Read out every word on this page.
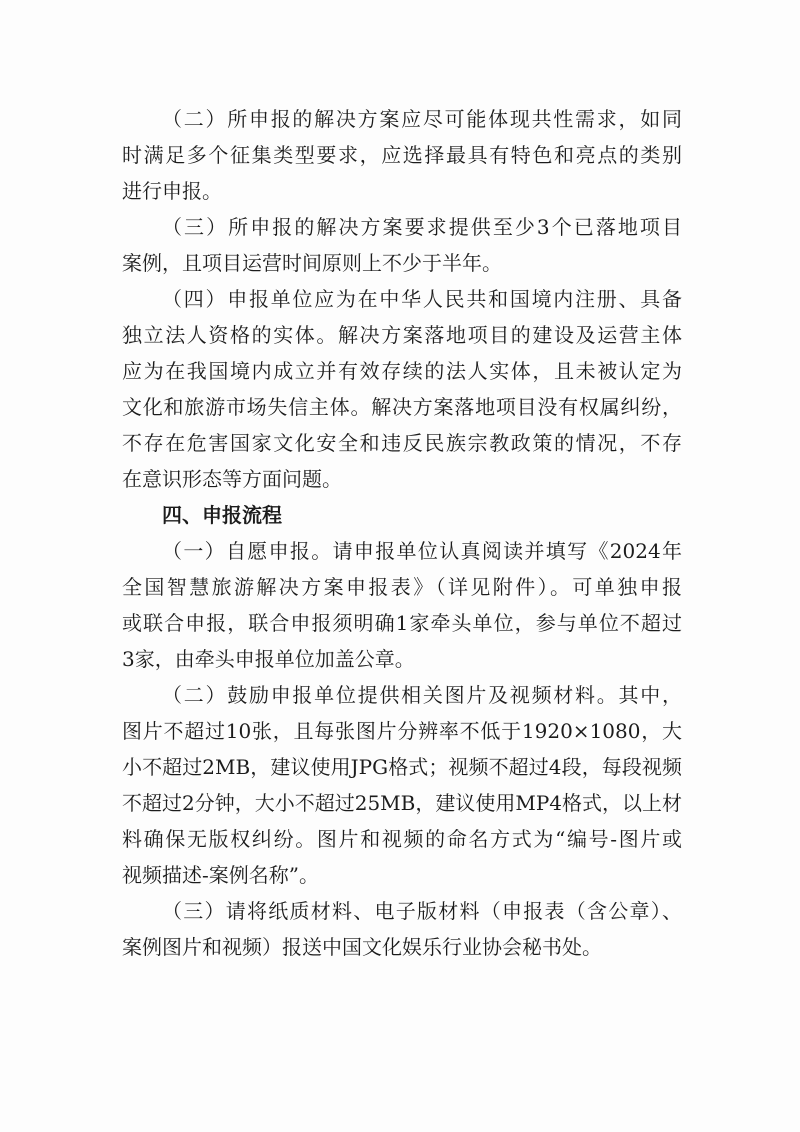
（二）所申报的解决方案应尽可能体现共性需求，如同
时满足多个征集类型要求，应选择最具有特色和亮点的类别
进行申报。
（三）所申报的解决方案要求提供至少3个已落地项目
案例，且项目运营时间原则上不少于半年。
（四）申报单位应为在中华人民共和国境内注册、具备
独立法人资格的实体。解决方案落地项目的建设及运营主体
应为在我国境内成立并有效存续的法人实体，且未被认定为
文化和旅游市场失信主体。解决方案落地项目没有权属纠纷，
不存在危害国家文化安全和违反民族宗教政策的情况，不存
在意识形态等方面问题。
四、申报流程
（一）自愿申报。请申报单位认真阅读并填写《2024年
全国智慧旅游解决方案申报表》（详见附件）。可单独申报
或联合申报，联合申报须明确1家牵头单位，参与单位不超过
3家，由牵头申报单位加盖公章。
（二）鼓励申报单位提供相关图片及视频材料。其中，
图片不超过10张，且每张图片分辨率不低于1920×1080，大
小不超过2MB，建议使用JPG格式；视频不超过4段，每段视频
不超过2分钟，大小不超过25MB，建议使用MP4格式，以上材
料确保无版权纠纷。图片和视频的命名方式为“编号-图片或
视频描述-案例名称”。
（三）请将纸质材料、电子版材料（申报表（含公章）、
案例图片和视频）报送中国文化娱乐行业协会秘书处。
